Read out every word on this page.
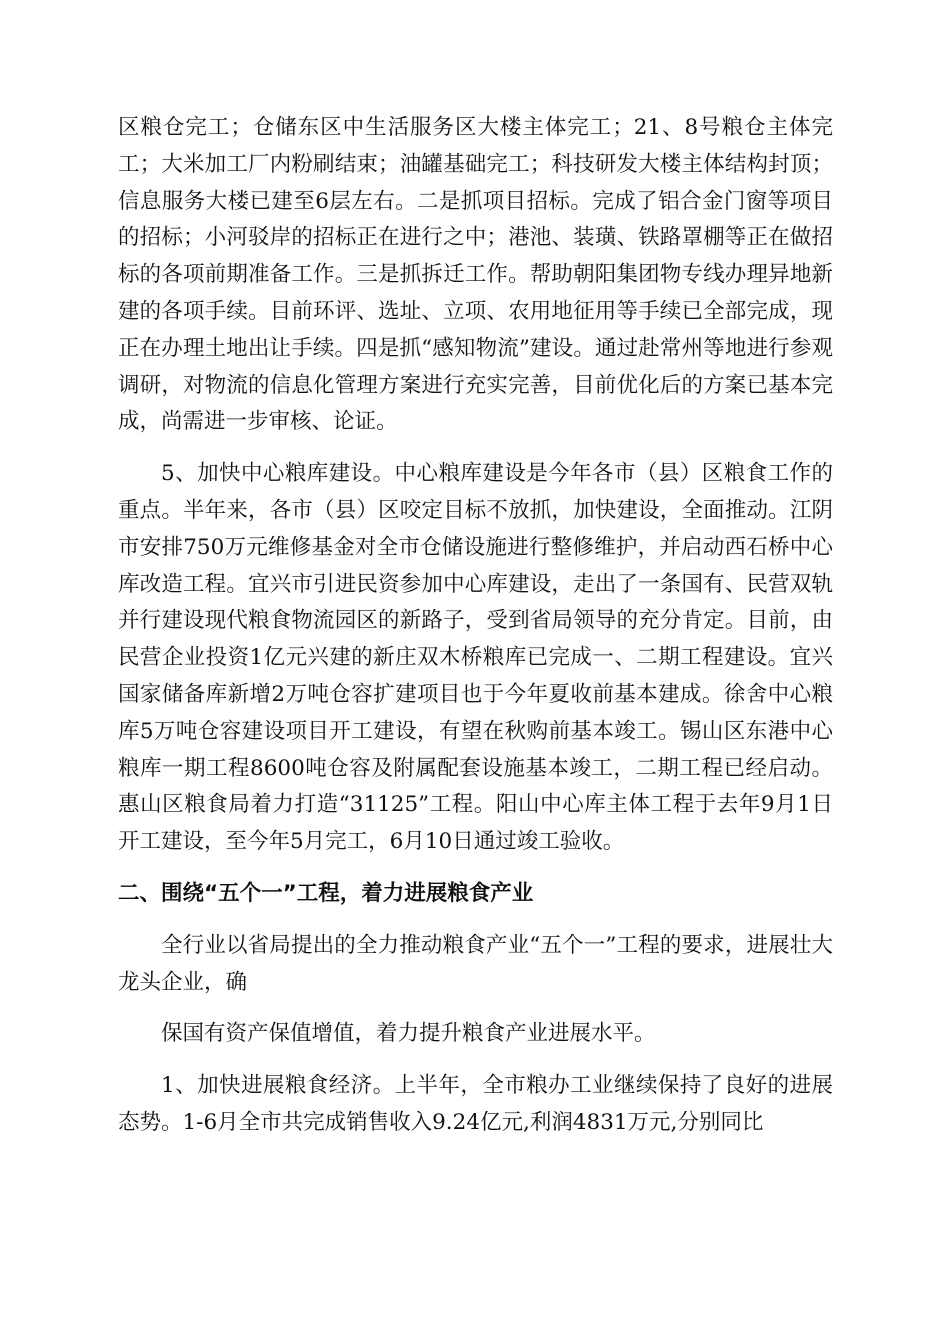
区粮仓完工；仓储东区中生活服务区大楼主体完工；21、8号粮仓主体完工；大米加工厂内粉刷结束；油罐基础完工；科技研发大楼主体结构封顶；信息服务大楼已建至6层左右。二是抓项目招标。完成了铝合金门窗等项目的招标；小河驳岸的招标正在进行之中；港池、装璜、铁路罩棚等正在做招标的各项前期准备工作。三是抓拆迁工作。帮助朝阳集团物专线办理异地新建的各项手续。目前环评、选址、立项、农用地征用等手续已全部完成，现正在办理土地出让手续。四是抓“感知物流”建设。通过赴常州等地进行参观调研，对物流的信息化管理方案进行充实完善，目前优化后的方案已基本完成，尚需进一步审核、论证。

5、加快中心粮库建设。中心粮库建设是今年各市（县）区粮食工作的重点。半年来，各市（县）区咬定目标不放抓，加快建设，全面推动。江阴市安排750万元维修基金对全市仓储设施进行整修维护，并启动西石桥中心库改造工程。宜兴市引进民资参加中心库建设，走出了一条国有、民营双轨并行建设现代粮食物流园区的新路子，受到省局领导的充分肯定。目前，由民营企业投资1亿元兴建的新庄双木桥粮库已完成一、二期工程建设。宜兴国家储备库新增2万吨仓容扩建项目也于今年夏收前基本建成。徐舍中心粮库5万吨仓容建设项目开工建设，有望在秋购前基本竣工。锡山区东港中心粮库一期工程8600吨仓容及附属配套设施基本竣工，二期工程已经启动。惠山区粮食局着力打造“31125”工程。阳山中心库主体工程于去年9月1日开工建设，至今年5月完工，6月10日通过竣工验收。

二、围绕“五个一”工程，着力进展粮食产业

全行业以省局提出的全力推动粮食产业“五个一”工程的要求，进展壮大龙头企业，确

保国有资产保值增值，着力提升粮食产业进展水平。

1、加快进展粮食经济。上半年，全市粮办工业继续保持了良好的进展态势。1-6月全市共完成销售收入9.24亿元,利润4831万元,分别同比
